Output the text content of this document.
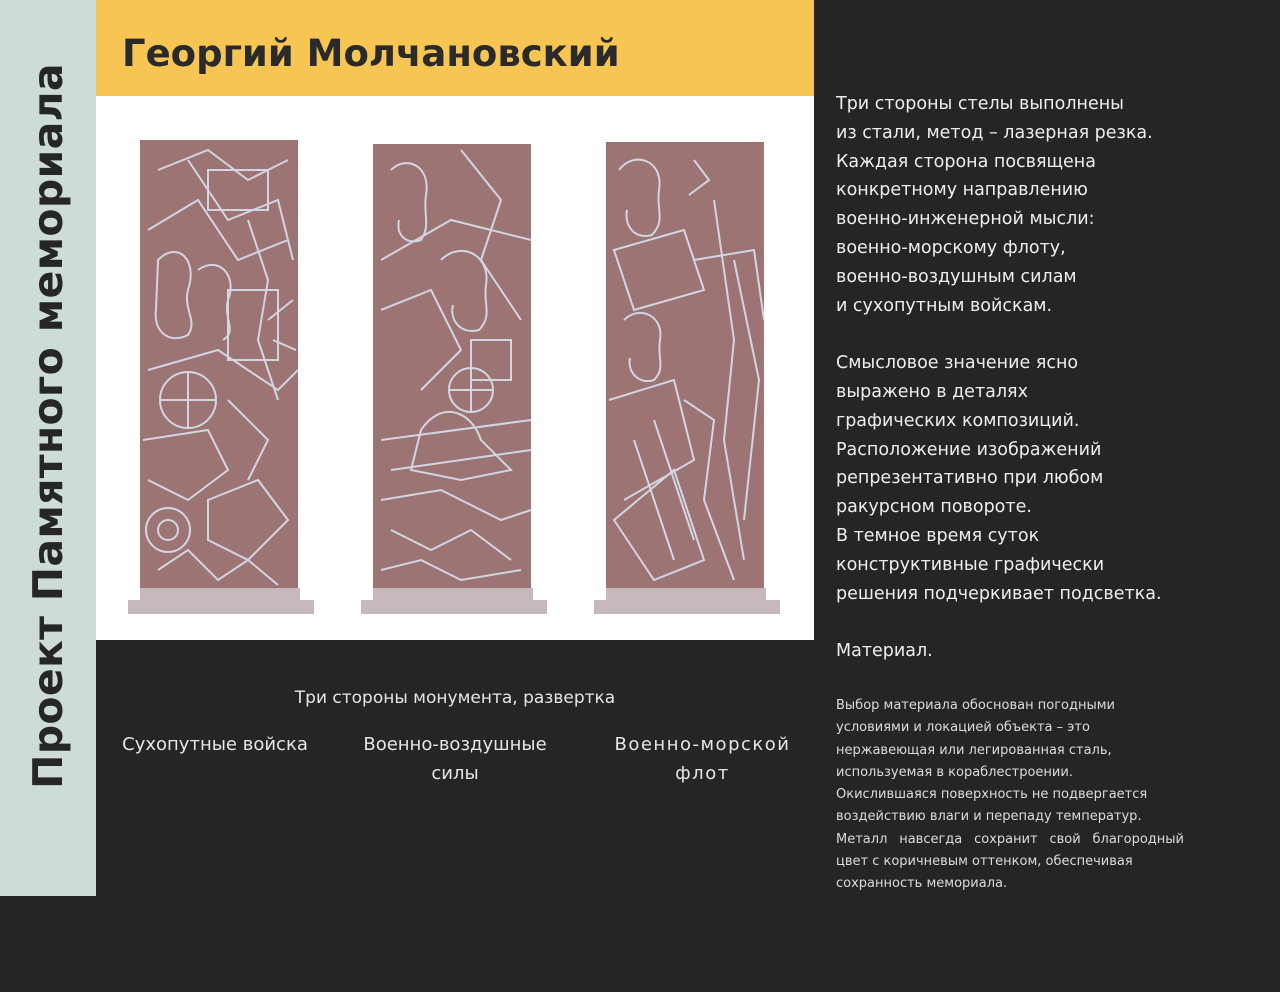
Проект Памятного мемориала
Георгий Молчановский
Три стороны монумента, развертка
Сухопутные войска	Военно-воздушные
силы
Военно-морской
флот

Три стороны стелы выполнены

из стали, метод – лазерная резка.

Каждая сторона посвящена

конкретному направлению

военно-инженерной мысли:

военно-морскому флоту,

военно-воздушным силам

и сухопутным войскам.

Смысловое значение ясно

выражено в деталях

графических композиций.

Расположение изображений

репрезентативно при любом

ракурсном повороте.

В темное время суток

конструктивные графически

решения подчеркивает подсветка.

Материал.

Выбор материала обоснован погодными

условиями и локацией объекта – это

нержавеющая или легированная сталь,

используемая в кораблестроении.

Окислившаяся поверхность не подвергается

воздействию влаги и перепаду температур.

Металл навсегда сохранит свой благородный

цвет с коричневым оттенком, обеспечивая

сохранность мемориала.
